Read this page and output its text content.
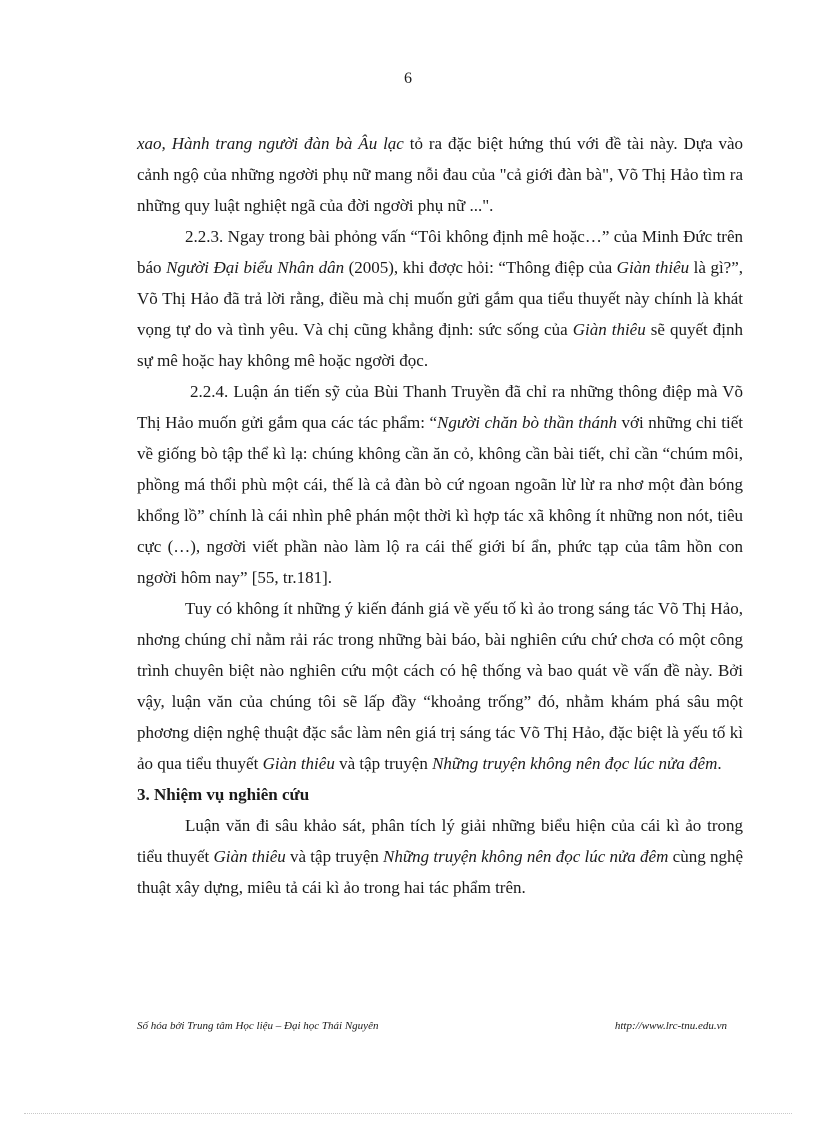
6

xao, Hành trang người đàn bà Âu lạc tỏ ra đặc biệt hứng thú với đề tài này. Dựa vào cảnh ngộ của những ngơời phụ nữ mang nỗi đau của "cả giới đàn bà", Võ Thị Hảo tìm ra những quy luật nghiệt ngã của đời ngơời phụ nữ ...".

2.2.3. Ngay trong bài phỏng vấn “Tôi không định mê hoặc…” của Minh Đức trên báo Người Đại biểu Nhân dân (2005), khi đơợc hỏi: “Thông điệp của Giàn thiêu là gì?”, Võ Thị Hảo đã trả lời rằng, điều mà chị muốn gửi gắm qua tiểu thuyết này chính là khát vọng tự do và tình yêu. Và chị cũng khẳng định: sức sống của Giàn thiêu sẽ quyết định sự mê hoặc hay không mê hoặc ngơời đọc.

2.2.4. Luận án tiến sỹ của Bùi Thanh Truyền đã chỉ ra những thông điệp mà Võ Thị Hảo muốn gửi gắm qua các tác phẩm: “Người chăn bò thần thánh với những chi tiết về giống bò tập thể kì lạ: chúng không cần ăn cỏ, không cần bài tiết, chỉ cần “chúm môi, phồng má thổi phù một cái, thế là cả đàn bò cứ ngoan ngoãn lừ lừ ra nhơ một đàn bóng khổng lồ” chính là cái nhìn phê phán một thời kì hợp tác xã không ít những non nót, tiêu cực (…), ngơời viết phần nào làm lộ ra cái thế giới bí ẩn, phức tạp của tâm hồn con ngơời hôm nay” [55, tr.181].

Tuy có không ít những ý kiến đánh giá về yếu tố kì ảo trong sáng tác Võ Thị Hảo, nhơng chúng chỉ nằm rải rác trong những bài báo, bài nghiên cứu chứ chơa có một công trình chuyên biệt nào nghiên cứu một cách có hệ thống và bao quát về vấn đề này. Bởi vậy, luận văn của chúng tôi sẽ lấp đầy “khoảng trống” đó, nhằm khám phá sâu một phơơng diện nghệ thuật đặc sắc làm nên giá trị sáng tác Võ Thị Hảo, đặc biệt là yếu tố kì ảo qua tiểu thuyết Giàn thiêu và tập truyện Những truyện không nên đọc lúc nửa đêm.

3. Nhiệm vụ nghiên cứu

Luận văn đi sâu khảo sát, phân tích lý giải những biểu hiện của cái kì ảo trong tiểu thuyết Giàn thiêu và tập truyện Những truyện không nên đọc lúc nửa đêm cùng nghệ thuật xây dựng, miêu tả cái kì ảo trong hai tác phẩm trên.

Số hóa bởi Trung tâm Học liệu – Đại học Thái Nguyên	http://www.lrc-tnu.edu.vn
